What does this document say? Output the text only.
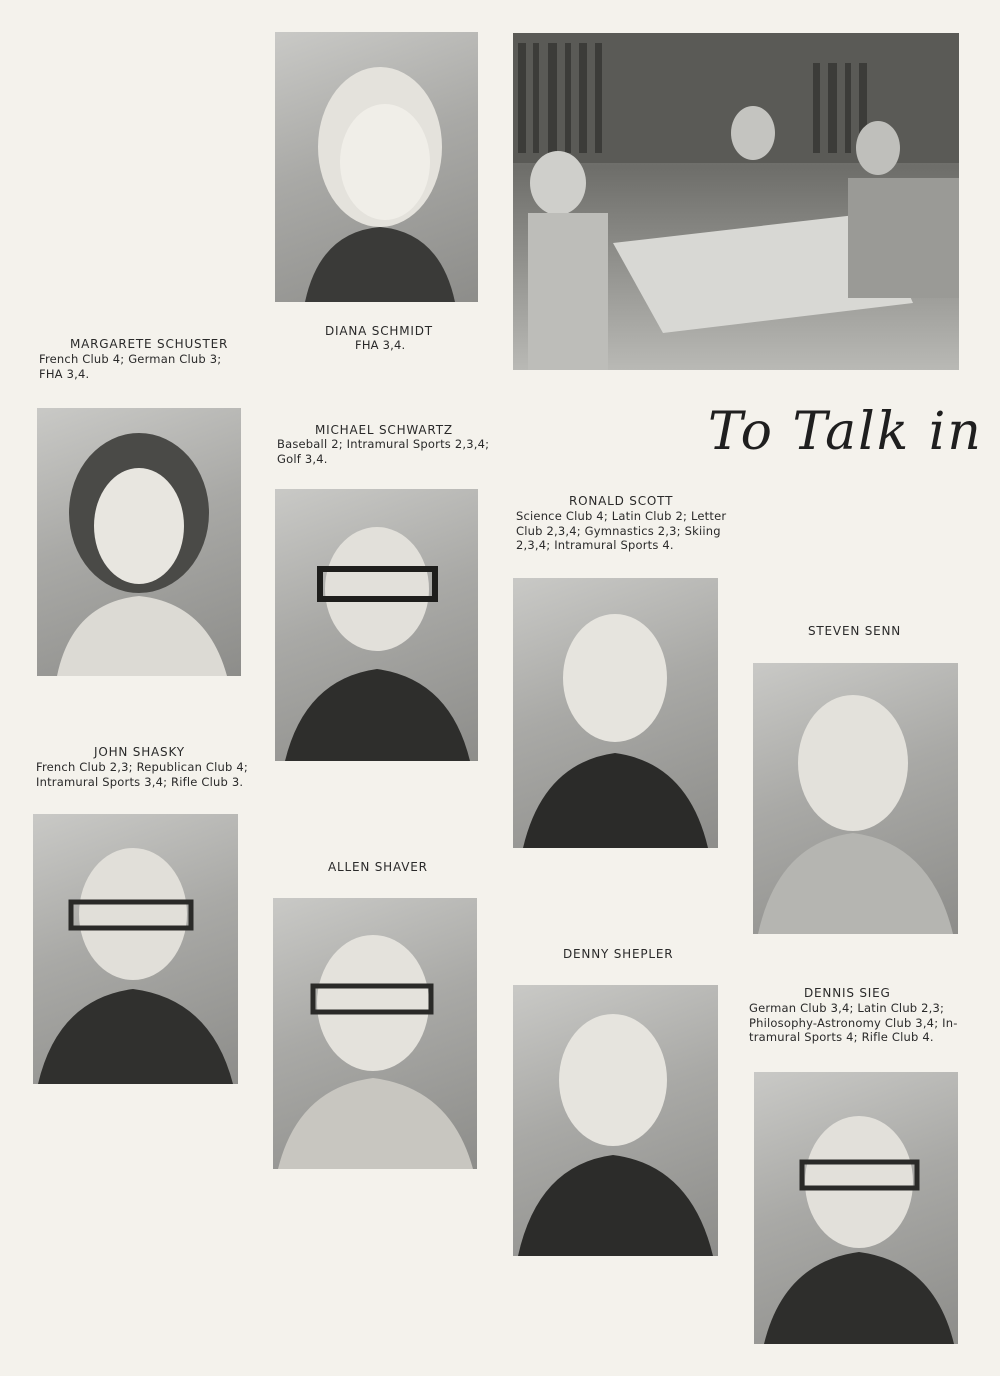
To Talk in
DIANA SCHMIDT
FHA 3,4.
MARGARETE SCHUSTER
French Club 4; German Club 3;
FHA 3,4.
MICHAEL SCHWARTZ
Baseball 2; Intramural Sports 2,3,4;
Golf 3,4.
RONALD SCOTT
Science Club 4; Latin Club 2; Letter
Club 2,3,4; Gymnastics 2,3; Skiing
2,3,4; Intramural Sports 4.
STEVEN SENN
JOHN SHASKY
French Club 2,3; Republican Club 4;
Intramural Sports 3,4; Rifle Club 3.
ALLEN SHAVER
DENNY SHEPLER
DENNIS SIEG
German Club 3,4; Latin Club 2,3;
Philosophy-Astronomy Club 3,4; In-
tramural Sports 4; Rifle Club 4.
